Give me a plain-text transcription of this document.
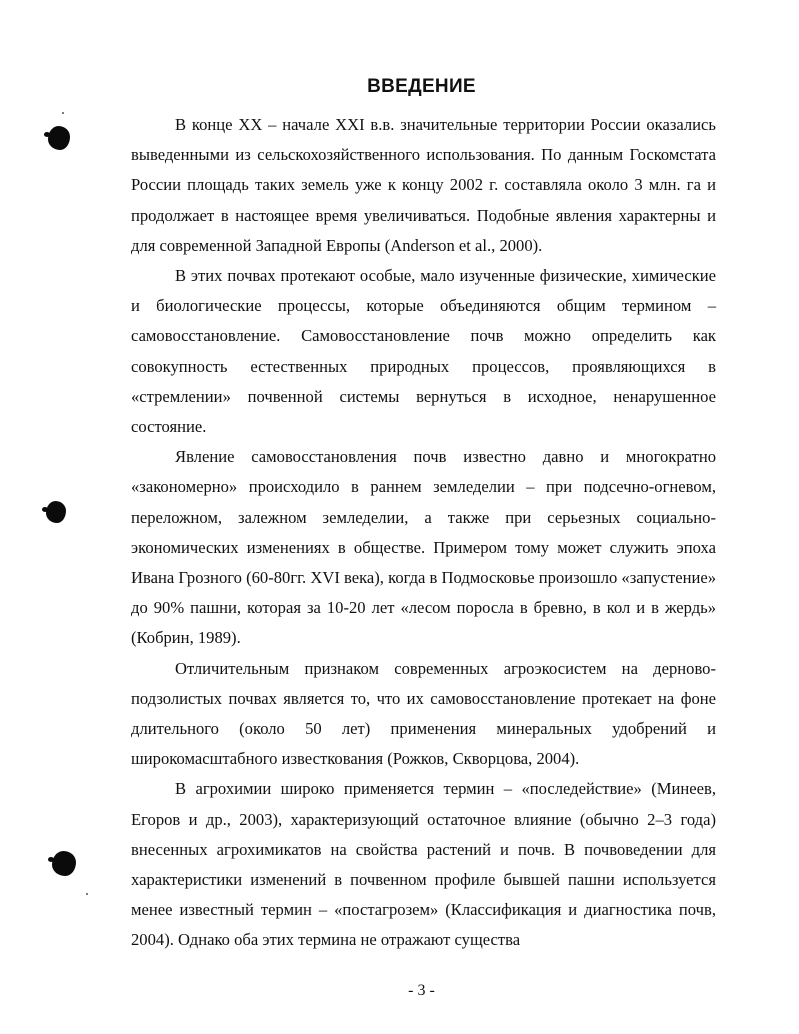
ВВЕДЕНИЕ

В конце XX – начале XXI в.в. значительные территории России оказались выведенными из сельскохозяйственного использования. По данным Госкомстата России площадь таких земель уже к концу 2002 г. составляла около 3 млн. га и продолжает в настоящее время увеличиваться. Подобные явления характерны и для современной Западной Европы (Anderson et al., 2000).

В этих почвах протекают особые, мало изученные физические, химические и биологические процессы, которые объединяются общим термином – самовосстановление. Самовосстановление почв можно определить как совокупность естественных природных процессов, проявляющихся в «стремлении» почвенной системы вернуться в исходное, ненарушенное состояние.

Явление самовосстановления почв известно давно и многократно «закономерно» происходило в раннем земледелии – при подсечно-огневом, переложном, залежном земледелии, а также при серьезных социально-экономических изменениях в обществе. Примером тому может служить эпоха Ивана Грозного (60-80гг. XVI века), когда в Подмосковье произошло «запустение» до 90% пашни, которая за 10-20 лет «лесом поросла в бревно, в кол и в жердь» (Кобрин, 1989).

Отличительным признаком современных агроэкосистем на дерново-подзолистых почвах является то, что их самовосстановление протекает на фоне длительного (около 50 лет) применения минеральных удобрений и широкомасштабного известкования (Рожков, Скворцова, 2004).

В агрохимии широко применяется термин – «последействие» (Минеев, Егоров и др., 2003), характеризующий остаточное влияние (обычно 2–3 года) внесенных агрохимикатов на свойства растений и почв. В почвоведении для характеристики изменений в почвенном профиле бывшей пашни используется менее известный термин – «постагрозем» (Классификация и диагностика почв, 2004). Однако оба этих термина не отражают существа

- 3 -
